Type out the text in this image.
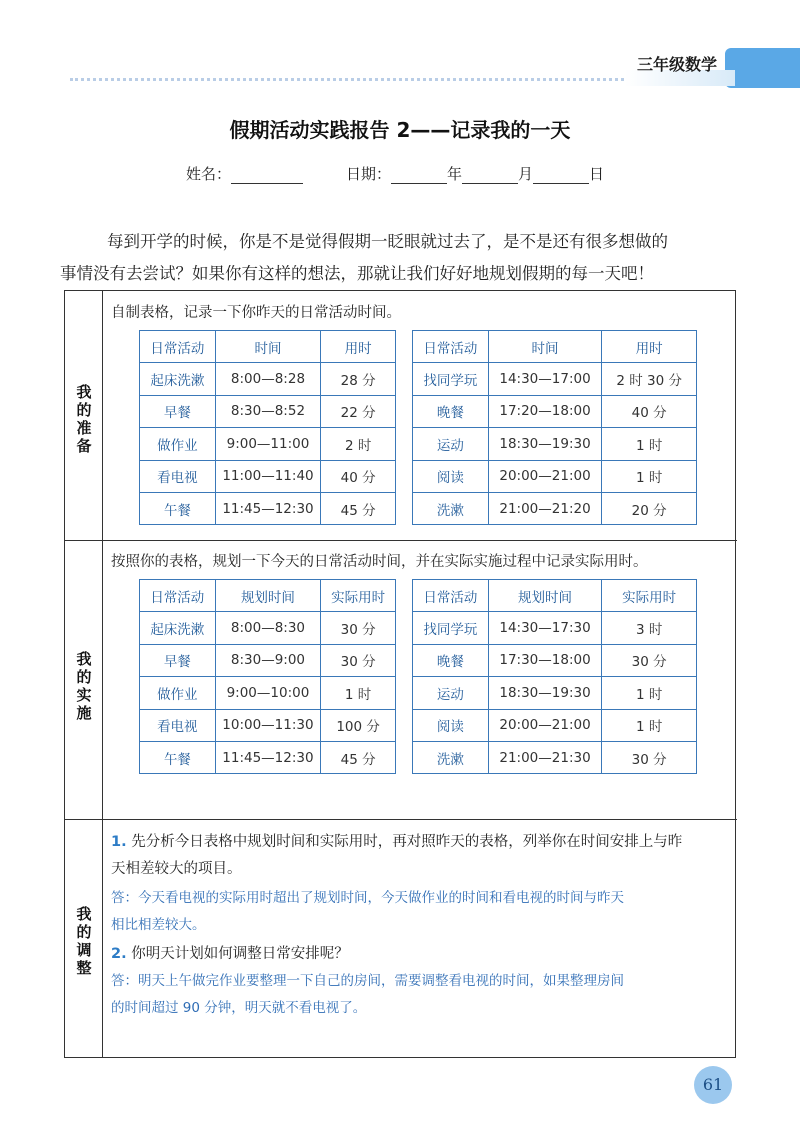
三年级数学
假期活动实践报告 2——记录我的一天
姓名：	日期：	年	月	日
每到开学的时候，你是不是觉得假期一眨眼就过去了，是不是还有很多想做的
事情没有去尝试？如果你有这样的想法，那就让我们好好地规划假期的每一天吧！
我
的
准
备
我
的
实
施
我
的
调
整
自制表格，记录一下你昨天的日常活动时间。
日常活动	时间	用时
起床洗漱	8:00—8:28	28 分
早餐	8:30—8:52	22 分
做作业	9:00—11:00	2 时
看电视	11:00—11:40	40 分
午餐	11:45—12:30	45 分
日常活动	时间	用时
找同学玩	14:30—17:00	2 时 30 分
晚餐	17:20—18:00	40 分
运动	18:30—19:30	1 时
阅读	20:00—21:00	1 时
洗漱	21:00—21:20	20 分
按照你的表格，规划一下今天的日常活动时间，并在实际实施过程中记录实际用时。
日常活动	规划时间	实际用时
起床洗漱	8:00—8:30	30 分
早餐	8:30—9:00	30 分
做作业	9:00—10:00	1 时
看电视	10:00—11:30	100 分
午餐	11:45—12:30	45 分
日常活动	规划时间	实际用时
找同学玩	14:30—17:30	3 时
晚餐	17:30—18:00	30 分
运动	18:30—19:30	1 时
阅读	20:00—21:00	1 时
洗漱	21:00—21:30	30 分
1. 先分析今日表格中规划时间和实际用时，再对照昨天的表格，列举你在时间安排上与昨
天相差较大的项目。
答：今天看电视的实际用时超出了规划时间，今天做作业的时间和看电视的时间与昨天
相比相差较大。
2. 你明天计划如何调整日常安排呢？
答：明天上午做完作业要整理一下自己的房间，需要调整看电视的时间，如果整理房间
的时间超过 90 分钟，明天就不看电视了。
61
